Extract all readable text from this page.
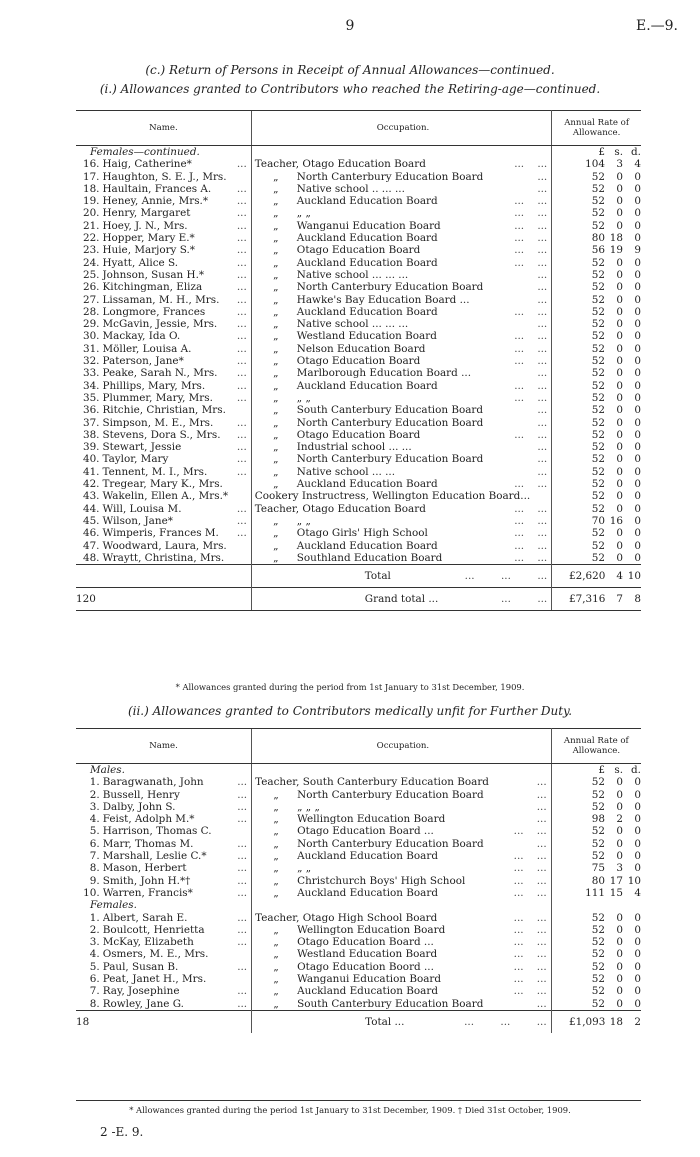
9	E.—9.
(c.) Return of Persons in Receipt of Annual Allowances—continued.
(i.) Allowances granted to Contributors who reached the Retiring-age—continued.
Name.		Occupation.	Annual Rate of Allowance.
Females—continued.			£ s. d.
16.	Haig, Catherine* ...	Teacher, Otago Education Board ...    ...	104 3 4
17.	Haughton, S. E. J., Mrs.	„ North Canterbury Education Board ...	52 0 0
18.	Haultain, Frances A. ...	„ Native school .. ... ... ...	52 0 0
19.	Heney, Annie, Mrs.* ...	„ Auckland Education Board ...    ...	52 0 0
20.	Henry, Margaret ...	„ „ „ ...    ...	52 0 0
21.	Hoey, J. N., Mrs. ...	„ Wanganui Education Board ...    ...	52 0 0
22.	Hopper, Mary E.* ...	„ Auckland Education Board ...    ...	80 18 0
23.	Huie, Marjory S.* ...	„ Otago Education Board ...    ...	56 19 9
24.	Hyatt, Alice S. ...	„ Auckland Education Board ...    ...	52 0 0
25.	Johnson, Susan H.* ...	„ Native school ... ... ... ...	52 0 0
26.	Kitchingman, Eliza ...	„ North Canterbury Education Board ...	52 0 0
27.	Lissaman, M. H., Mrs. ...	„ Hawke's Bay Education Board ... ...	52 0 0
28.	Longmore, Frances ...	„ Auckland Education Board ...    ...	52 0 0
29.	McGavin, Jessie, Mrs. ...	„ Native school ... ... ... ...	52 0 0
30.	Mackay, Ida O. ...	„ Westland Education Board ...    ...	52 0 0
31.	Möller, Louisa A. ...	„ Nelson Education Board ...    ...	52 0 0
32.	Paterson, Jane* ...	„ Otago Education Board ...    ...	52 0 0
33.	Peake, Sarah N., Mrs. ...	„ Marlborough Education Board ... ...	52 0 0
34.	Phillips, Mary, Mrs. ...	„ Auckland Education Board ...    ...	52 0 0
35.	Plummer, Mary, Mrs. ...	„ „ „ ...    ...	52 0 0
36.	Ritchie, Christian, Mrs.	„ South Canterbury Education Board ...	52 0 0
37.	Simpson, M. E., Mrs. ...	„ North Canterbury Education Board ...	52 0 0
38.	Stevens, Dora S., Mrs. ...	„ Otago Education Board ...    ...	52 0 0
39.	Stewart, Jessie ...	„ Industrial school ... ... ...	52 0 0
40.	Taylor, Mary ...	„ North Canterbury Education Board ...	52 0 0
41.	Tennent, M. I., Mrs. ...	„ Native school ... ... ...	52 0 0
42.	Tregear, Mary K., Mrs.	„ Auckland Education Board ...    ...	52 0 0
43.	Wakelin, Ellen A., Mrs.*	Cookery Instructress, Wellington Education Board...	52 0 0
44.	Will, Louisa M. ...	Teacher, Otago Education Board ...    ...	52 0 0
45.	Wilson, Jane* ...	„ „ „ ...    ...	70 16 0
46.	Wimperis, Frances M. ...	„ Otago Girls' High School ...    ...	52 0 0
47.	Woodward, Laura, Mrs.	„ Auckland Education Board ...    ...	52 0 0
48.	Wraytt, Christina, Mrs.	„ Southland Education Board ...    ...	52 0 0
		Total ...        ...        ...	£2,620 4 10
120		Grand total ... ...        ...	£7,316 7 8
* Allowances granted during the period from 1st January to 31st December, 1909.
(ii.) Allowances granted to Contributors medically unfit for Further Duty.
Name.		Occupation.	Annual Rate of Allowance.
Males.			£ s. d.
1.	Baragwanath, John ...	Teacher, South Canterbury Education Board ...	52 0 0
2.	Bussell, Henry ...	„ North Canterbury Education Board ...	52 0 0
3.	Dalby, John S. ...	„ „ „ „ ...	52 0 0
4.	Feist, Adolph M.* ...	„ Wellington Education Board ...	98 2 0
5.	Harrison, Thomas C.	„ Otago Education Board ... ...    ...	52 0 0
6.	Marr, Thomas M. ...	„ North Canterbury Education Board ...	52 0 0
7.	Marshall, Leslie C.* ...	„ Auckland Education Board ...    ...	52 0 0
8.	Mason, Herbert ...	„ „ „ ...    ...	75 3 0
9.	Smith, John H.*† ...	„ Christchurch Boys' High School ...    ...	80 17 10
10.	Warren, Francis* ...	„ Auckland Education Board ...    ...	111 15 4
Females.			
1.	Albert, Sarah E. ...	Teacher, Otago High School Board ...    ...	52 0 0
2.	Boulcott, Henrietta ...	„ Wellington Education Board ...    ...	52 0 0
3.	McKay, Elizabeth ...	„ Otago Education Board ... ...    ...	52 0 0
4.	Osmers, M. E., Mrs.	„ Westland Education Board ...    ...	52 0 0
5.	Paul, Susan B. ...	„ Otago Education Boord ... ...    ...	52 0 0
6.	Peat, Janet H., Mrs.	„ Wanganui Education Board ...    ...	52 0 0
7.	Ray, Josephine ...	„ Auckland Education Board ...    ...	52 0 0
8.	Rowley, Jane G. ...	„ South Canterbury Education Board ...	52 0 0
18		Total ... ...        ...        ...	£1,093 18 2
* Allowances granted during the period 1st January to 31st December, 1909. † Died 31st October, 1909.
2 -E. 9.
